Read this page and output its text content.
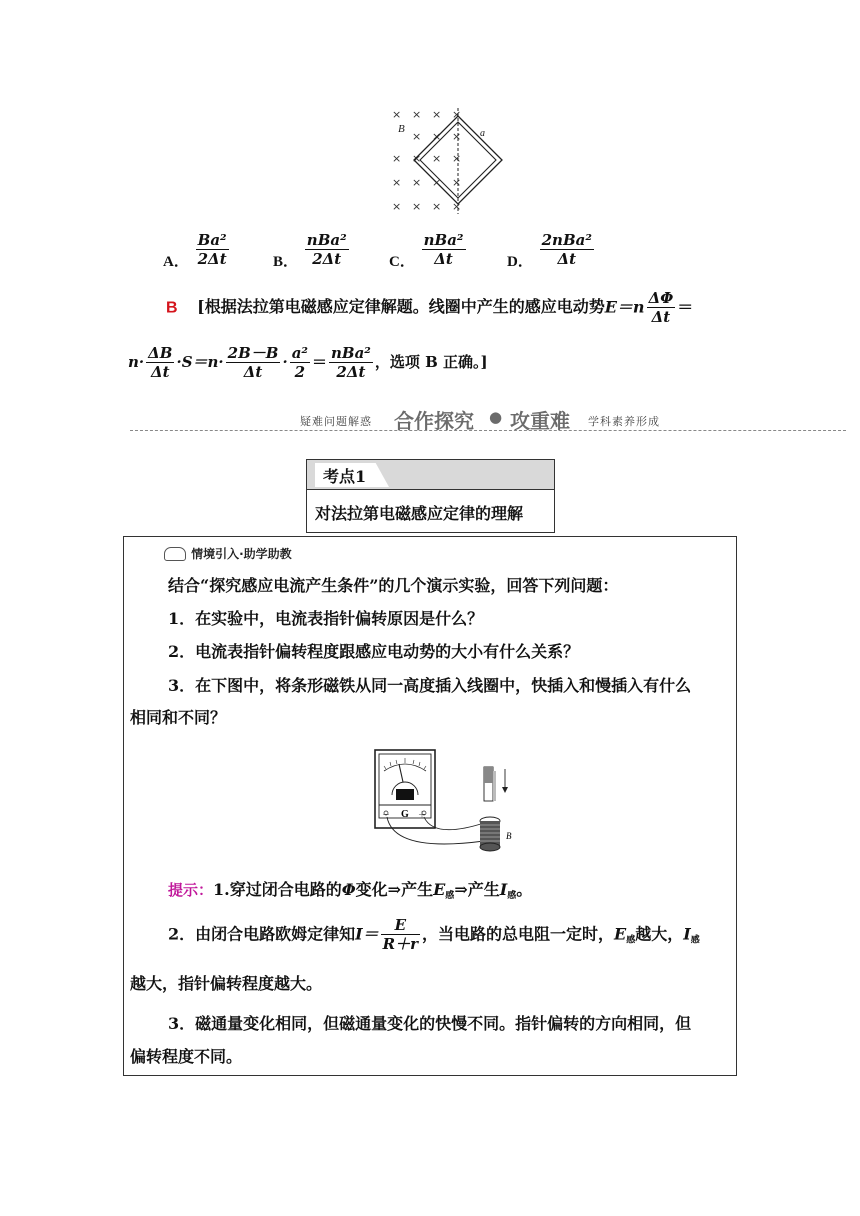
× × × ×
× × ×
× × × ×
× × × ×
× × × ×
B	a
A． $\frac{\text{Ba²}}{2\Delta t}$	B． $\frac{\text{nBa²}}{2\Delta t}$	C． $\frac{\text{nBa²}}{\Delta t}$	D． $\frac{\text{2nBa²}}{\Delta t}$
B [根据法拉第电磁感应定律解题。线圈中产生的感应电动势$E=n \frac{\Delta\Phi}{\Delta t}$ ＝
$n\cdot \frac{\Delta B}{\Delta t} \cdot S=n\cdot \frac{2B-B}{\Delta t} \cdot \frac{\text{a²}}{2} = \frac{\text{nBa²}}{2\Delta t}$ ，选项 B 正确。]
疑难问题解惑 合作探究 ● 攻重难 学科素养形成
考点1
对法拉第电磁感应定律的理解
情境引入·助学助教
结合“探究感应电流产生条件”的几个演示实验，回答下列问题：
1．在实验中，电流表指针偏转原因是什么？
2．电流表指针偏转程度跟感应电动势的大小有什么关系？
3．在下图中，将条形磁铁从同一高度插入线圈中，快插入和慢插入有什么
相同和不同？
－ G ＋
B
提示：1.穿过闭合电路的Φ变化⇒产生$E_感\Rightarrow$产生$I_感$。
2．由闭合电路欧姆定律知$I= \frac{E}{R+r}$ ，当电路的总电阻一定时，$E_感$越大，$I_感$
越大，指针偏转程度越大。
3．磁通量变化相同，但磁通量变化的快慢不同。指针偏转的方向相同，但
偏转程度不同。
